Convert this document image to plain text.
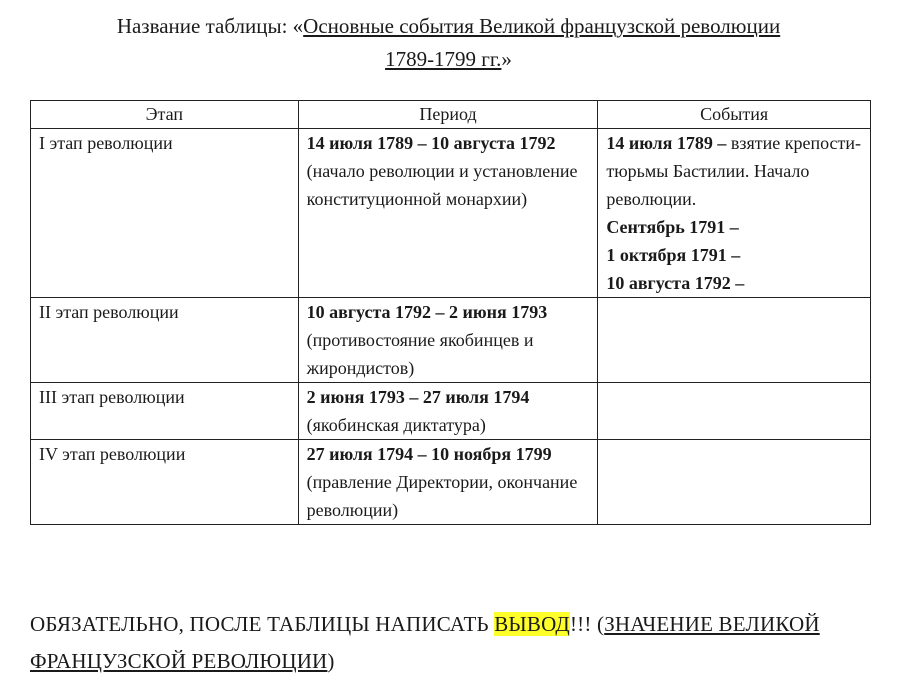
Название таблицы: «Основные события Великой французской революции
1789-1799 гг.»
Этап	Период	События
I этап революции	14 июля 1789 – 10 августа 1792 (начало революции и установление конституционной монархии)	14 июля 1789 – взятие крепости-тюрьмы Бастилии. Начало революции.
Сентябрь 1791 –
1 октября 1791 –
10 августа 1792 –

II этап революции	10 августа 1792 – 2 июня 1793 (противостояние якобинцев и жирондистов)	
III этап революции	2 июня 1793 – 27 июля 1794 (якобинская диктатура)	
IV этап революции	27 июля 1794 – 10 ноября 1799 (правление Директории, окончание революции)	
ОБЯЗАТЕЛЬНО, ПОСЛЕ ТАБЛИЦЫ НАПИСАТЬ ВЫВОД!!! (ЗНАЧЕНИЕ ВЕЛИКОЙ ФРАНЦУЗСКОЙ РЕВОЛЮЦИИ)
